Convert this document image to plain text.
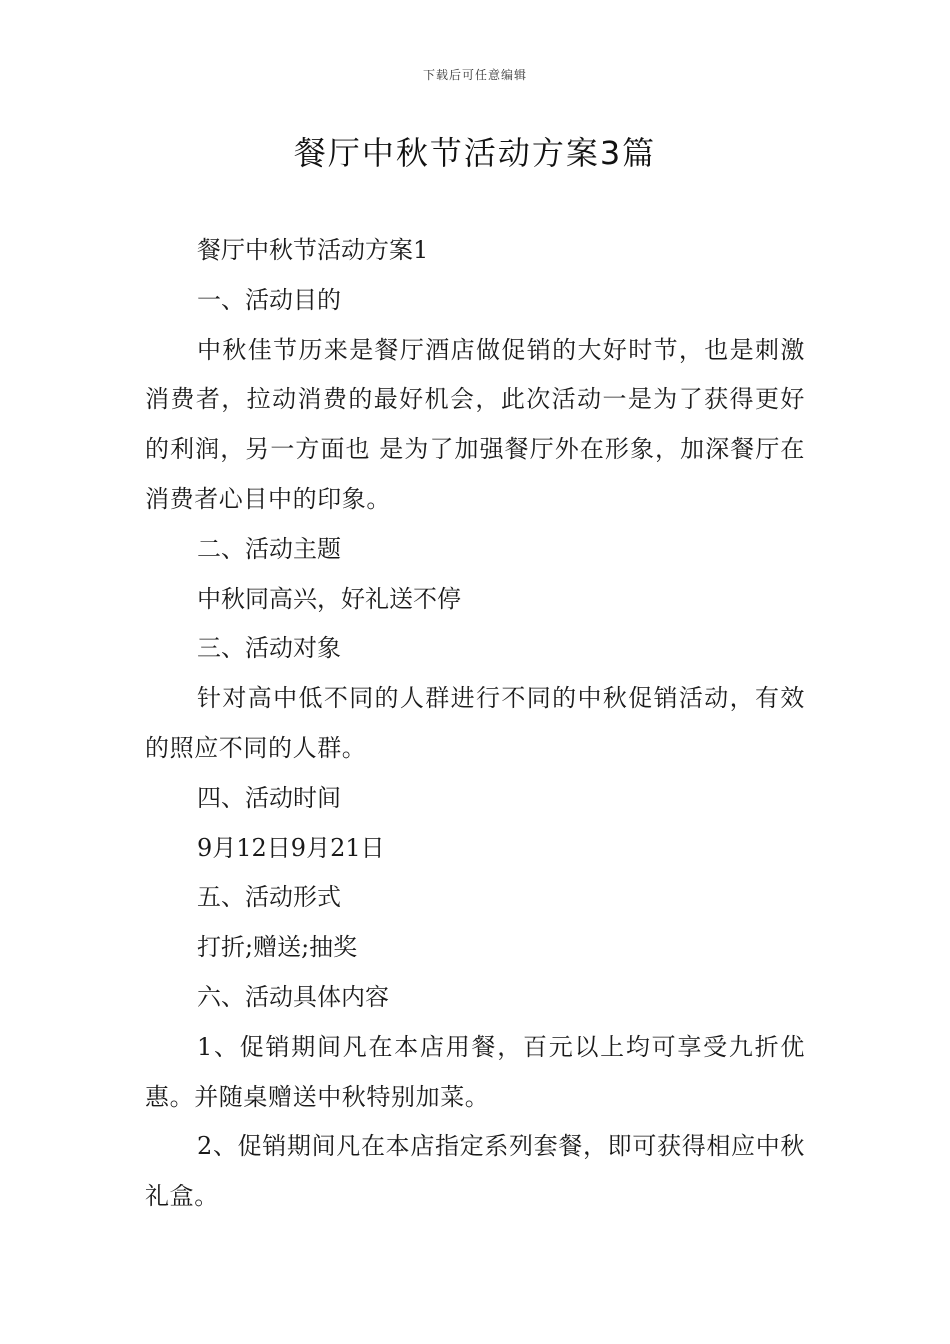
下载后可任意编辑
餐厅中秋节活动方案3篇

餐厅中秋节活动方案1

一、活动目的

中秋佳节历来是餐厅酒店做促销的大好时节，也是刺激消费者，拉动消费的最好机会，此次活动一是为了获得更好的利润，另一方面也 是为了加强餐厅外在形象，加深餐厅在消费者心目中的印象。

二、活动主题

中秋同高兴，好礼送不停

三、活动对象

针对高中低不同的人群进行不同的中秋促销活动，有效的照应不同的人群。

四、活动时间

9月12日9月21日

五、活动形式

打折;赠送;抽奖

六、活动具体内容

1、促销期间凡在本店用餐，百元以上均可享受九折优惠。并随桌赠送中秋特别加菜。

2、促销期间凡在本店指定系列套餐，即可获得相应中秋礼盒。
